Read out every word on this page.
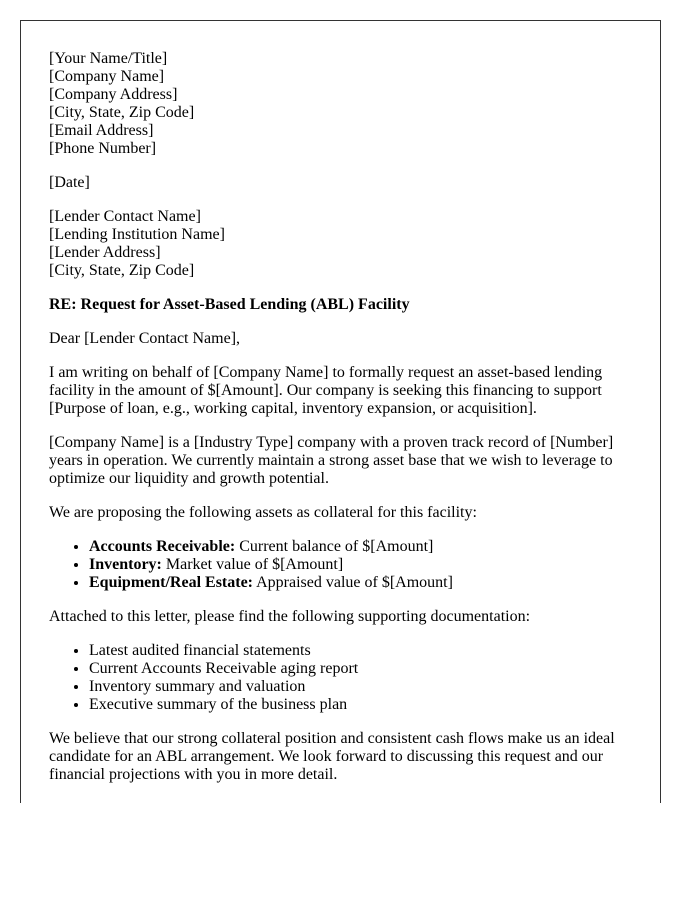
[Your Name/Title]
[Company Name]
[Company Address]
[City, State, Zip Code]
[Email Address]
[Phone Number]

[Date]

[Lender Contact Name]
[Lending Institution Name]
[Lender Address]
[City, State, Zip Code]

RE: Request for Asset-Based Lending (ABL) Facility

Dear [Lender Contact Name],

I am writing on behalf of [Company Name] to formally request an asset-based lending facility in the amount of $[Amount]. Our company is seeking this financing to support [Purpose of loan, e.g., working capital, inventory expansion, or acquisition].

[Company Name] is a [Industry Type] company with a proven track record of [Number] years in operation. We currently maintain a strong asset base that we wish to leverage to optimize our liquidity and growth potential.

We are proposing the following assets as collateral for this facility:

• Accounts Receivable: Current balance of $[Amount]
• Inventory: Market value of $[Amount]
• Equipment/Real Estate: Appraised value of $[Amount]

Attached to this letter, please find the following supporting documentation:

• Latest audited financial statements
• Current Accounts Receivable aging report
• Inventory summary and valuation
• Executive summary of the business plan

We believe that our strong collateral position and consistent cash flows make us an ideal candidate for an ABL arrangement. We look forward to discussing this request and our financial projections with you in more detail.
